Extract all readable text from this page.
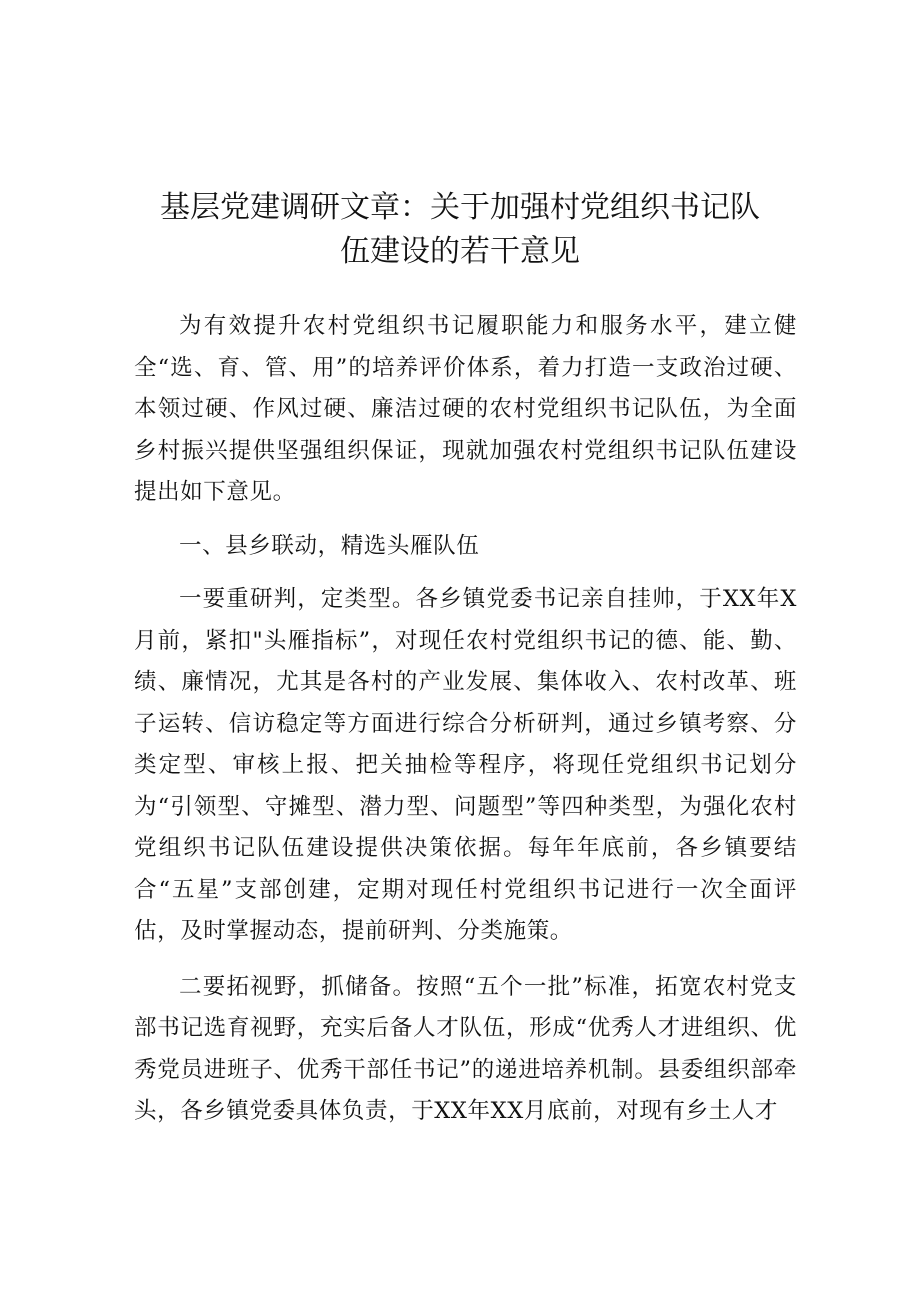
基层党建调研文章：关于加强村党组织书记队
伍建设的若干意见

为有效提升农村党组织书记履职能力和服务水平，建立健全“选、育、管、用”的培养评价体系，着力打造一支政治过硬、本领过硬、作风过硬、廉洁过硬的农村党组织书记队伍，为全面乡村振兴提供坚强组织保证，现就加强农村党组织书记队伍建设提出如下意见。

一、县乡联动，精选头雁队伍

一要重研判，定类型。各乡镇党委书记亲自挂帅，于XX年X月前，紧扣"头雁指标”，对现任农村党组织书记的德、能、勤、绩、廉情况，尤其是各村的产业发展、集体收入、农村改革、班子运转、信访稳定等方面进行综合分析研判，通过乡镇考察、分类定型、审核上报、把关抽检等程序，将现任党组织书记划分为“引领型、守摊型、潜力型、问题型”等四种类型，为强化农村党组织书记队伍建设提供决策依据。每年年底前，各乡镇要结合“五星”支部创建，定期对现任村党组织书记进行一次全面评估，及时掌握动态，提前研判、分类施策。

二要拓视野，抓储备。按照“五个一批”标准，拓宽农村党支部书记选育视野，充实后备人才队伍，形成“优秀人才进组织、优秀党员进班子、优秀干部任书记”的递进培养机制。县委组织部牵头，各乡镇党委具体负责，于XX年XX月底前，对现有乡土人才
